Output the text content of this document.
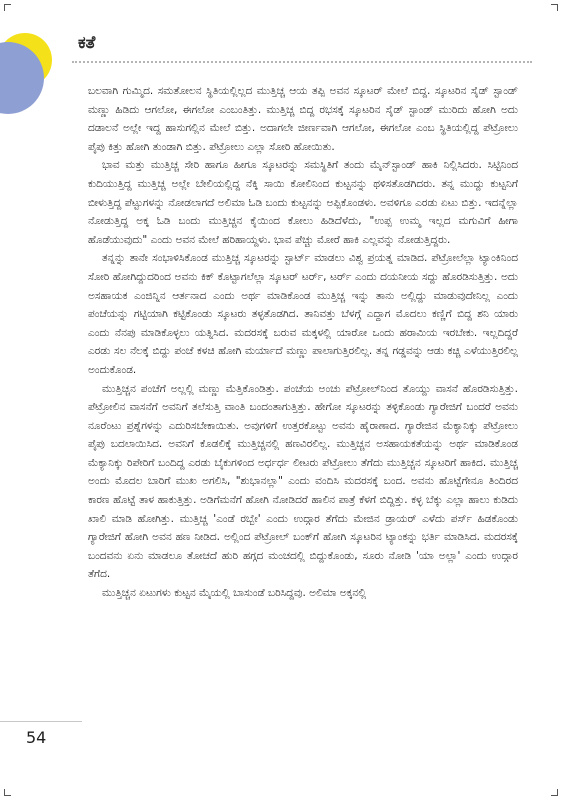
ಕತೆ

ಬಲವಾಗಿ ಗುಮ್ಮಿದ. ಸಮತೋಲನ ಸ್ಥಿತಿಯಲ್ಲಿಲ್ಲದ ಮುತ್ತಿಚ್ಚ ಆಯ ತಪ್ಪಿ ಅವನ ಸ್ಕೂಟರ್ ಮೇಲೆ ಬಿದ್ದ. ಸ್ಕೂಟರಿನ ಸೈಡ್ ಸ್ಟಾಂಡ್ ಮಣ್ಣು ಹಿಡಿದು ಆಗಲೋ, ಈಗಲೋ ಎಂಬಂತಿತ್ತು. ಮುತ್ತಿಚ್ಚ ಬಿದ್ದ ರಭಸಕ್ಕೆ ಸ್ಕೂಟರಿನ ಸೈಡ್ ಸ್ಟಾಂಡ್ ಮುರಿದು ಹೋಗಿ ಅದು ದಡಾಲನೆ ಅಲ್ಲೇ ಇದ್ದ ಹಾಸುಗಲ್ಲಿನ ಮೇಲೆ ಬಿತ್ತು. ಅದಾಗಲೇ ಜೀರ್ಣವಾಗಿ ಆಗಲೋ, ಈಗಲೋ ಎಂಬ ಸ್ಥಿತಿಯಲ್ಲಿದ್ದ ಪೆಟ್ರೋಲು ಪೈಪು ಕಿತ್ತು ಹೋಗಿ ತುಂಡಾಗಿ ಬಿತ್ತು. ಪೆಟ್ರೋಲು ಎಲ್ಲಾ ಸೋರಿ ಹೋಯಿತು.

ಭಾವ ಮತ್ತು ಮುತ್ತಿಚ್ಚ ಸೇರಿ ಹಾಗೂ ಹೀಗೂ ಸ್ಕೂಟರನ್ನು ಸಮಸ್ಥಿತಿಗೆ ತಂದು ಮೈನ್‌ಸ್ಟಾಂಡ್ ಹಾಕಿ ನಿಲ್ಲಿಸಿದರು. ಸಿಟ್ಟಿನಿಂದ ಕುದಿಯುತ್ತಿದ್ದ ಮುತ್ತಿಚ್ಚ ಅಲ್ಲೇ ಬೇಲಿಯಲ್ಲಿದ್ದ ನೆಕ್ಕಿ ಸಾಯಿ ಕೋಲಿನಿಂದ ಕುಟ್ಟನನ್ನು ಥಳಿಸತೊಡಗಿದರು. ತನ್ನ ಮುದ್ದು ಕುಟ್ಟನಿಗೆ ಬೀಳುತ್ತಿದ್ದ ಪೆಟ್ಟುಗಳನ್ನು ನೋಡಲಾಗದೆ ಅಲಿಮಾ ಓಡಿ ಬಂದು ಕುಟ್ಟನನ್ನು ಅಪ್ಪಿಕೊಂಡಳು. ಅವಳಿಗೂ ಎರಡು ಏಟು ಬಿತ್ತು. ಇದನ್ನೆಲ್ಲಾ ನೋಡುತ್ತಿದ್ದ ಅಕ್ಕ ಓಡಿ ಬಂದು ಮುತ್ತಿಚ್ಚನ ಕೈಯಿಂದ ಕೋಲು ಹಿಡಿದೆಳೆದು, "ಉಪ್ಪ ಉಮ್ಮ ಇಲ್ಲದ ಮಗುವಿಗೆ ಹೀಗಾ ಹೊಡೆಯುವುದು" ಎಂದು ಅವನ ಮೇಲೆ ಹರಿಹಾಯ್ದಳು. ಭಾವ ಪೆಚ್ಚು ಮೋರೆ ಹಾಕಿ ಎಲ್ಲವನ್ನು ನೋಡುತ್ತಿದ್ದರು.

ತನ್ನನ್ನು ತಾನೇ ಸಂಭಾಳಿಸಿಕೊಂಡ ಮುತ್ತಿಚ್ಚ ಸ್ಕೂಟರನ್ನು ಸ್ಟಾರ್ಟ್ ಮಾಡಲು ವಿಶ್ವ ಪ್ರಯತ್ನ ಮಾಡಿದ. ಪೆಟ್ರೋಲೆಲ್ಲಾ ಟ್ಯಾಂಕಿನಿಂದ ಸೋರಿ ಹೋಗಿದ್ದುದರಿಂದ ಅವನು ಕಿಕ್ ಕೊಟ್ಟಾಗಲೆಲ್ಲಾ ಸ್ಕೂಟರ್ ಟರ್ರ್, ಟರ್ರ್ ಎಂದು ದಯನೀಯ ಸದ್ದು ಹೊರಡಿಸುತ್ತಿತ್ತು. ಅದು ಅಸಹಾಯಕ ಎಂಜಿನ್ನಿನ ಆರ್ತನಾದ ಎಂದು ಅರ್ಥ ಮಾಡಿಕೊಂಡ ಮುತ್ತಿಚ್ಚ ಇನ್ನು ತಾನು ಅಲ್ಲಿದ್ದು ಮಾಡುವುದೇನಿಲ್ಲ ಎಂದು ಪಂಚೆಯನ್ನು ಗಟ್ಟಿಯಾಗಿ ಕಟ್ಟಿಕೊಂಡು ಸ್ಕೂಟರು ತಳ್ಳತೊಡಗಿದ. ತಾನಿವತ್ತು ಬೆಳಗ್ಗೆ ಎದ್ದಾಗ ಮೊದಲು ಕಣ್ಣಿಗೆ ಬಿದ್ದ ಶನಿ ಯಾರು ಎಂದು ನೆನಪು ಮಾಡಿಕೊಳ್ಳಲು ಯತ್ನಿಸಿದ. ಮದರಸಕ್ಕೆ ಬರುವ ಮಕ್ಕಳಲ್ಲಿ ಯಾರೋ ಒಂದು ಹರಾಮಿಯ ಇರಬೇಕು. ಇಲ್ಲದಿದ್ದರೆ ಎರಡು ಸಲ ನೆಲಕ್ಕೆ ಬಿದ್ದು ಪಂಚೆ ಕಳಚಿ ಹೋಗಿ ಮರ್ಯಾದೆ ಮಣ್ಣು ಪಾಲಾಗುತ್ತಿರಲಿಲ್ಲ. ತನ್ನ ಗಡ್ಡವನ್ನು ಆಡು ಕಚ್ಚಿ ಎಳೆಯುತ್ತಿರಲಿಲ್ಲ ಅಂದುಕೊಂಡ.

ಮುತ್ತಿಚ್ಚನ ಪಂಚೆಗೆ ಅಲ್ಲಲ್ಲಿ ಮಣ್ಣು ಮೆತ್ತಿಕೊಂಡಿತ್ತು. ಪಂಚೆಯ ಅಂಚು ಪೆಟ್ರೋಲ್‌ನಿಂದ ತೊಯ್ದು ವಾಸನೆ ಹೊರಡಿಸುತ್ತಿತ್ತು. ಪೆಟ್ರೋಲಿನ ವಾಸನೆಗೆ ಅವನಿಗೆ ತಲೆಸುತ್ತಿ ವಾಂತಿ ಬಂದಂತಾಗುತ್ತಿತ್ತು. ಹೇಗೋ ಸ್ಕೂಟರನ್ನು ತಳ್ಳಿಕೊಂಡು ಗ್ಯಾರೇಜಿಗೆ ಬಂದರೆ ಅವನು ನೂರೆಂಟು ಪ್ರಶ್ನೆಗಳನ್ನು ಎದುರಿಸಬೇಕಾಯಿತು. ಅವುಗಳಿಗೆ ಉತ್ತರಕೊಟ್ಟು ಅವನು ಹೈರಾಣಾದ. ಗ್ಯಾರೇಜಿನ ಮೆಕ್ಯಾನಿಕ್ಕು ಪೆಟ್ರೋಲು ಪೈಪು ಬದಲಾಯಿಸಿದ. ಅವನಿಗೆ ಕೊಡಲಿಕ್ಕೆ ಮುತ್ತಿಚ್ಚನಲ್ಲಿ ಹಣವಿರಲಿಲ್ಲ. ಮುತ್ತಿಚ್ಚನ ಅಸಹಾಯಕತೆಯನ್ನು ಅರ್ಥ ಮಾಡಿಕೊಂಡ ಮೆಕ್ಯಾನಿಕ್ಕು ರಿಪೇರಿಗೆ ಬಂದಿದ್ದ ಎರಡು ಬೈಕುಗಳಿಂದ ಅರ್ಧರ್ಧ ಲೀಟರು ಪೆಟ್ರೋಲು ತೆಗೆದು ಮುತ್ತಿಚ್ಚನ ಸ್ಕೂಟರಿಗೆ ಹಾಕಿದ. ಮುತ್ತಿಚ್ಚ ಅಂದು ಮೊದಲ ಬಾರಿಗೆ ಮುಖ ಅಗಲಿಸಿ, "ಶುಭಾನಲ್ಲಾ" ಎಂದು ವಂದಿಸಿ ಮದರಸಕ್ಕೆ ಬಂದ. ಅವನು ಹೊಟ್ಟೆಗೇನೂ ತಿಂದಿರದ ಕಾರಣ ಹೊಟ್ಟೆ ತಾಳ ಹಾಕುತ್ತಿತ್ತು. ಅಡಿಗೆಮನೆಗೆ ಹೋಗಿ ನೋಡಿದರೆ ಹಾಲಿನ ಪಾತ್ರೆ ಕೆಳಗೆ ಬಿದ್ದಿತ್ತು. ಕಳ್ಳ ಬೆಕ್ಕು ಎಲ್ಲಾ ಹಾಲು ಕುಡಿದು ಖಾಲಿ ಮಾಡಿ ಹೋಗಿತ್ತು. ಮುತ್ತಿಚ್ಚ 'ಎಂಡೆ ರಬ್ಬೇ' ಎಂದು ಉದ್ಗಾರ ತೆಗೆದು ಮೇಜಿನ ಡ್ರಾಯರ್ ಎಳೆದು ಪರ್ಸ್ ಹಿಡಕೊಂಡು ಗ್ಯಾರೇಜಿಗೆ ಹೋಗಿ ಅವನ ಹಣ ನೀಡಿದ. ಅಲ್ಲಿಂದ ಪೆಟ್ರೋಲ್ ಬಂಕ್‌ಗೆ ಹೋಗಿ ಸ್ಕೂಟರಿನ ಟ್ಯಾಂಕನ್ನು ಭರ್ತಿ ಮಾಡಿಸಿದ. ಮದರಸಕ್ಕೆ ಬಂದವನು ಏನು ಮಾಡಲೂ ತೋಚದೆ ಹುರಿ ಹಗ್ಗದ ಮಂಚದಲ್ಲಿ ಬಿದ್ದುಕೊಂಡು, ಸೂರು ನೋಡಿ 'ಯಾ ಅಲ್ಲಾ' ಎಂದು ಉದ್ಗಾರ ತೆಗೆದ.

ಮುತ್ತಿಚ್ಚನ ಏಟುಗಳು ಕುಟ್ಟನ ಮೈಯಲ್ಲಿ ಬಾಸುಂಡೆ ಬರಿಸಿದ್ದವು. ಅಲಿಮಾ ಅಕ್ಕನಲ್ಲಿ

54
